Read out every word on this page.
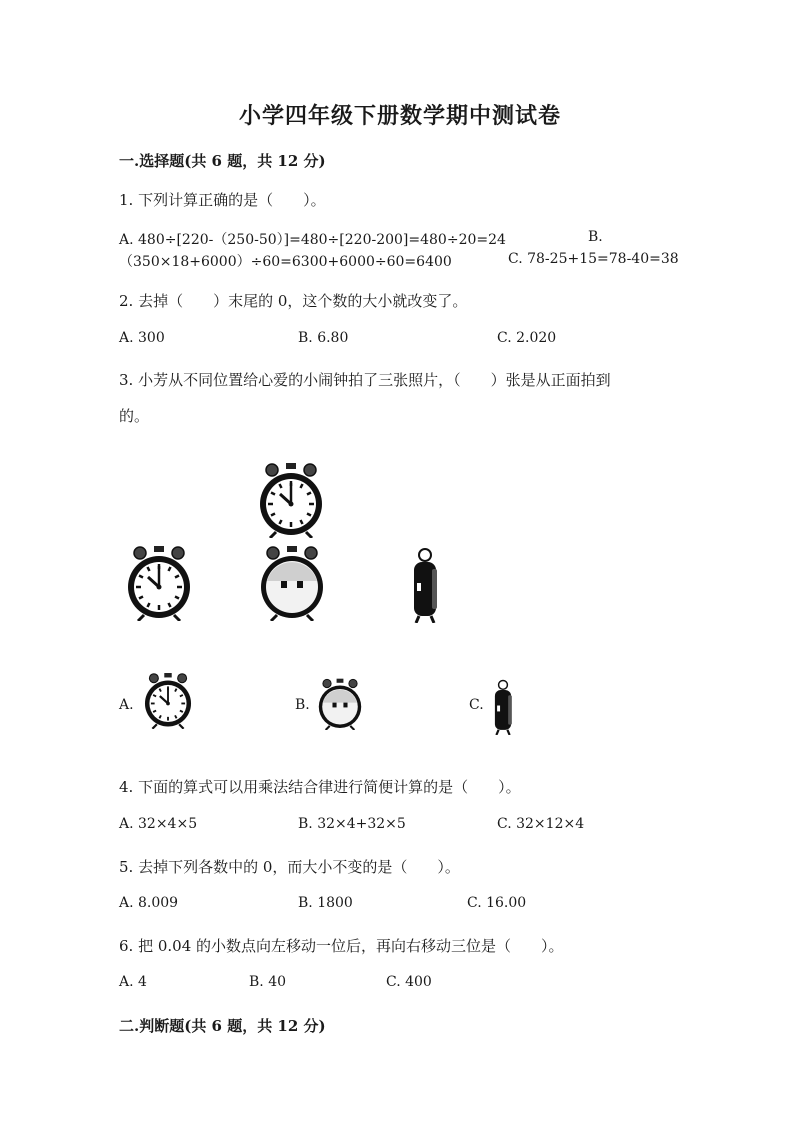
小学四年级下册数学期中测试卷
一.选择题(共 6 题，共 12 分)
1. 下列计算正确的是（　　）。
A. 480÷[220-（250-50）]=480÷[220-200]=480÷20=24	B.
（350×18+6000）÷60=6300+6000÷60=6400	C. 78-25+15=78-40=38
2. 去掉（　　）末尾的 0，这个数的大小就改变了。
A. 300	B. 6.80	C. 2.020
3. 小芳从不同位置给心爱的小闹钟拍了三张照片，（　　）张是从正面拍到
的。
A.	B.	C.
4. 下面的算式可以用乘法结合律进行简便计算的是（　　）。
A. 32×4×5	B. 32×4+32×5	C. 32×12×4
5. 去掉下列各数中的 0，而大小不变的是（　　）。
A. 8.009	B. 1800	C. 16.00
6. 把 0.04 的小数点向左移动一位后，再向右移动三位是（　　）。
A. 4	B. 40	C. 400
二.判断题(共 6 题，共 12 分)
